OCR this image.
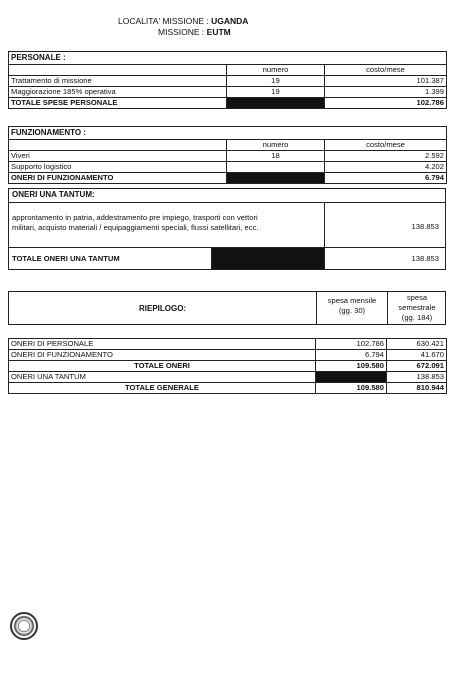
LOCALITA' MISSIONE : UGANDA
MISSIONE : EUTM
PERSONALE :		
	numero	costo/mese
Trattamento di missione	19	101.387
Maggiorazione 185% operativa	19	1.399
TOTALE SPESE PERSONALE		102.786
FUNZIONAMENTO :		
	numero	costo/mese
Viveri	18	2.592
Supporto logistico		4.202
ONERI DI FUNZIONAMENTO		6.794
ONERI UNA TANTUM:
approntamento in patria, addestramento pre impiego, trasporti con vettori
militari, acquisto materiali / equipaggiamenti speciali, flussi satellitari, ecc.	138.853
TOTALE ONERI UNA TANTUM	138.853
RIEPILOGO:
spesa mensile
(gg. 30)
spesa
semestrale
(gg. 184)
ONERI DI PERSONALE	102.786	630.421
ONERI DI FUNZIONAMENTO	6.794	41.670
TOTALE ONERI	109.580	672.091
ONERI UNA TANTUM		138.853
TOTALE GENERALE	109.580	810.944
